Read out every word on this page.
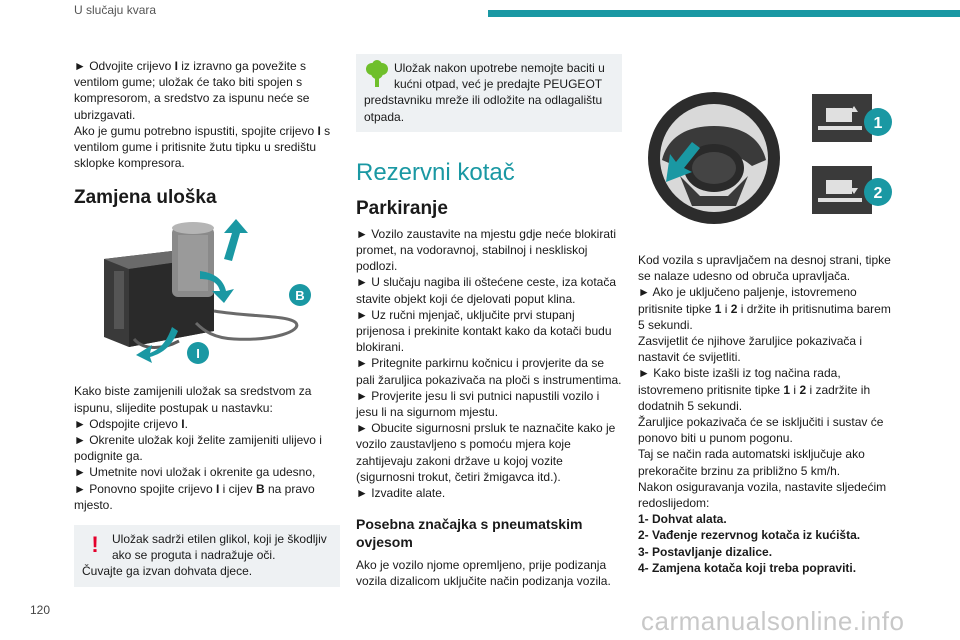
U slučaju kvara
120	carmanualsonline.info

► Odvojite crijevo I iz izravno ga povežite s ventilom gume; uložak će tako biti spojen s kompresorom, a sredstvo za ispunu neće se ubrizgavati.

Ako je gumu potrebno ispustiti, spojite crijevo I s ventilom gume i pritisnite žutu tipku u središtu sklopke kompresora.

Zamjena uloška
B
I

Kako biste zamijenili uložak sa sredstvom za ispunu, slijedite postupak u nastavku:

► Odspojite crijevo I.

► Okrenite uložak koji želite zamijeniti ulijevo i podignite ga.

► Umetnite novi uložak i okrenite ga udesno,

► Ponovno spojite crijevo I i cijev B na pravo mjesto.

!	Uložak sadrži etilen glikol, koji je škodljiv ako se proguta i nadražuje oči.

Čuvajte ga izvan dohvata djece.

Uložak nakon upotrebe nemojte baciti u kućni otpad, već je predajte PEUGEOT predstavniku mreže ili odložite na odlagalištu otpada.

Rezervni kotač
Parkiranje

► Vozilo zaustavite na mjestu gdje neće blokirati promet, na vodoravnoj, stabilnoj i neskliskoj podlozi.

► U slučaju nagiba ili oštećene ceste, iza kotača stavite objekt koji će djelovati poput klina.

► Uz ručni mjenjač, uključite prvi stupanj prijenosa i prekinite kontakt kako da kotači budu blokirani.

► Pritegnite parkirnu kočnicu i provjerite da se pali žaruljica pokazivača na ploči s instrumentima.

► Provjerite jesu li svi putnici napustili vozilo i jesu li na sigurnom mjestu.

► Obucite sigurnosni prsluk te naznačite kako je vozilo zaustavljeno s pomoću mjera koje zahtijevaju zakoni države u kojoj vozite (sigurnosni trokut, četiri žmigavca itd.).

► Izvadite alate.

Posebna značajka s pneumatskim ovjesom

Ako je vozilo njome opremljeno, prije podizanja vozila dizalicom uključite način podizanja vozila.

1
2

Kod vozila s upravljačem na desnoj strani, tipke se nalaze udesno od obruča upravljača.

► Ako je uključeno paljenje, istovremeno pritisnite tipke 1 i 2 i držite ih pritisnutima barem 5 sekundi.

Zasvijetlit će njihove žaruljice pokazivača i nastavit će svijetliti.

► Kako biste izašli iz tog načina rada, istovremeno pritisnite tipke 1 i 2 i zadržite ih dodatnih 5 sekundi.

Žaruljice pokazivača će se isključiti i sustav će ponovo biti u punom pogonu.

Taj se način rada automatski isključuje ako prekoračite brzinu za približno 5 km/h.

Nakon osiguravanja vozila, nastavite sljedećim redoslijedom:

1- Dohvat alata.

2- Vađenje rezervnog kotača iz kućišta.

3- Postavljanje dizalice.

4- Zamjena kotača koji treba popraviti.
